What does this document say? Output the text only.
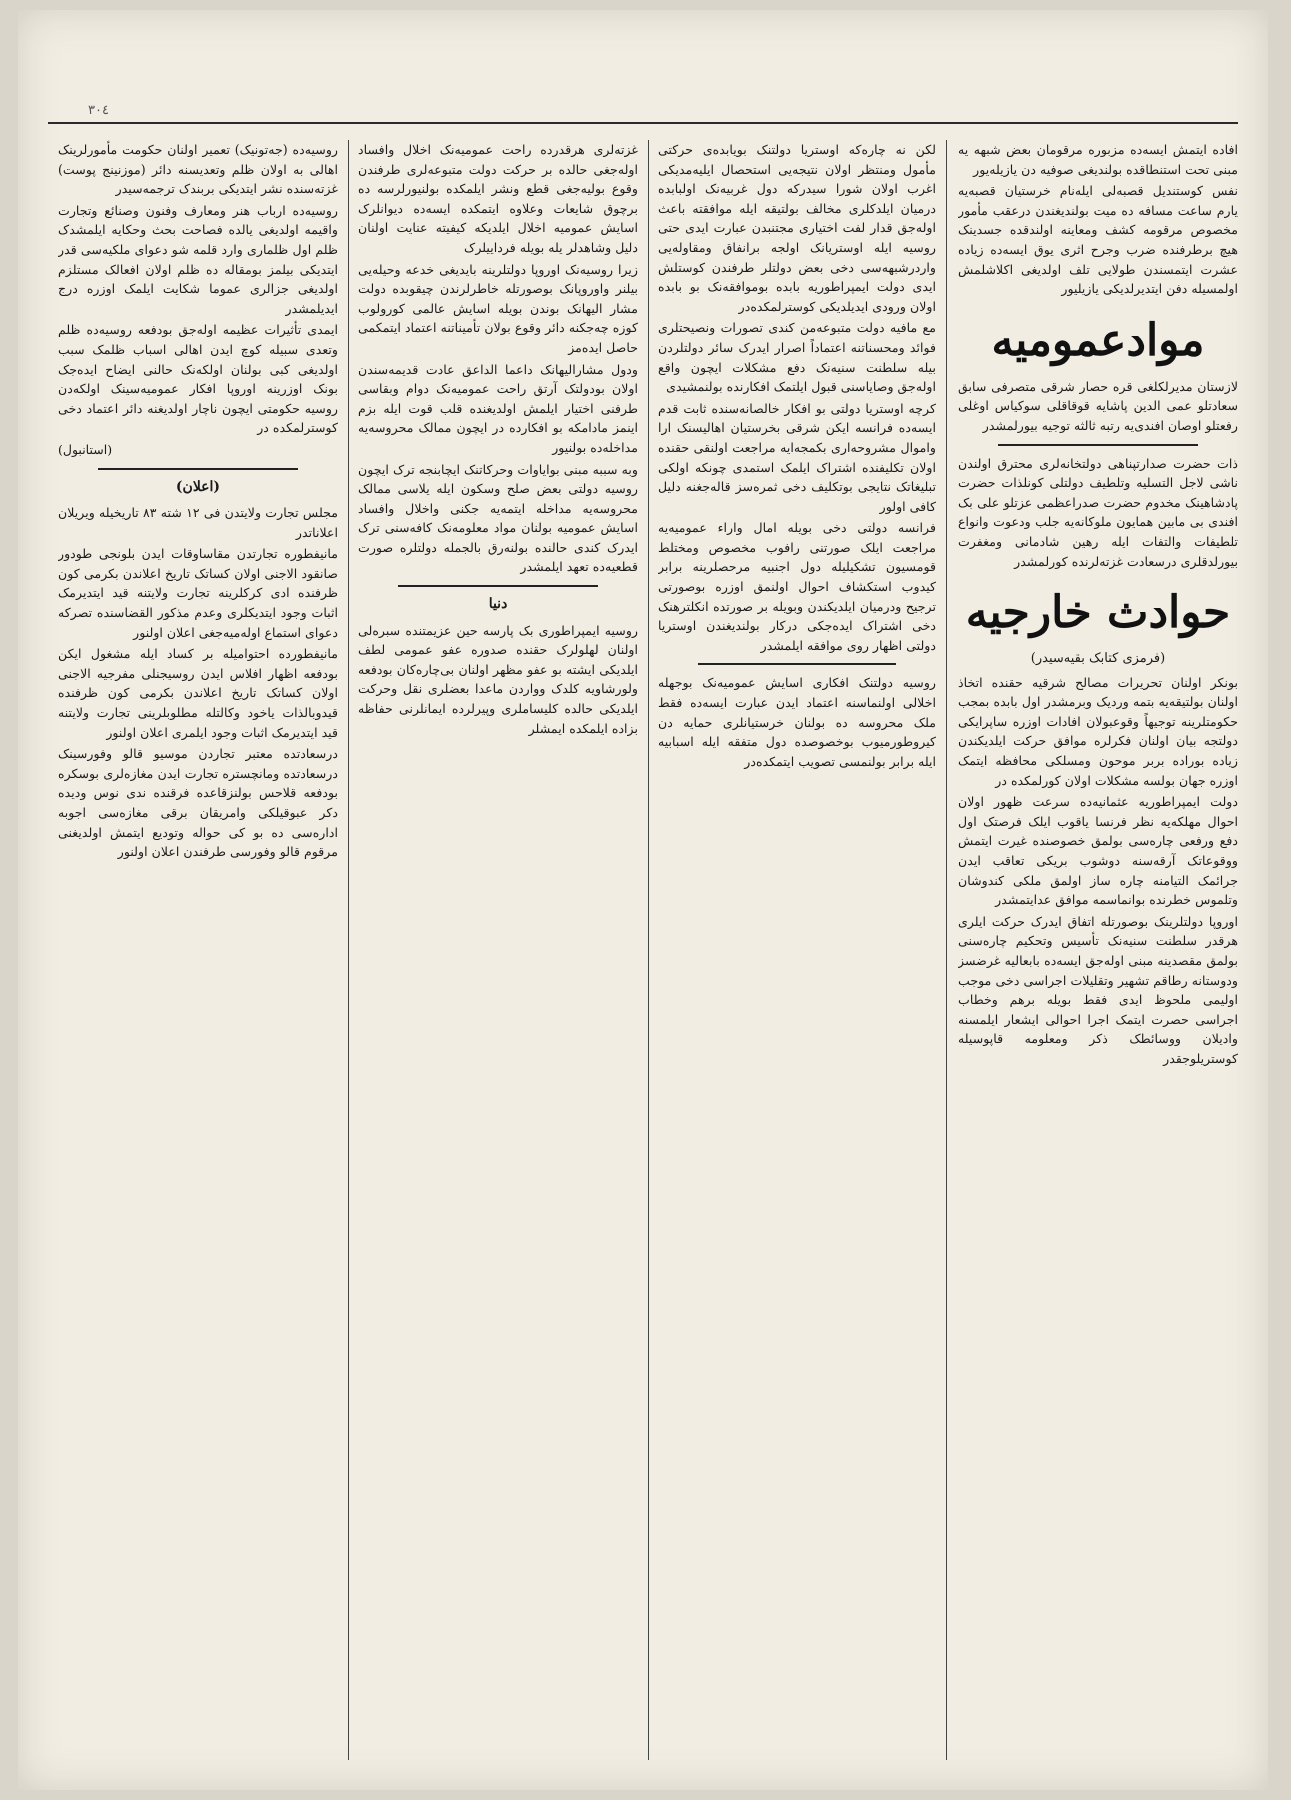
٣٠٤

افاده ایتمش ایسه‌ده مزبوره مرقومان بعض شبهه یه مبنی تحت استنطاقده بولندیغی صوفیه دن یازیله‌یور

نفس کوستندیل قصبه‌لی ایله‌نام خرستیان قصبه‌یه یارم ساعت مسافه ده میت بولندیغندن درعقب مأمور مخصوص مرقومه کشف ومعاینه اولندقده جسدینک هیچ برطرفنده ضرب وجرح اثری یوق ایسه‌ده زیاده عشرت ایتمسندن طولایی تلف اولدیغی اکلاشلمش اولمسیله دفن ایتدیرلدیکی یازیلیور

موادعمومیه

لازستان مدیرلکلغی قره حصار شرقی متصرفی سابق سعادتلو عمی الدین پاشایه قوقاقلی سوکیاس اوغلی رفعتلو اوصان افندی‌یه رتبه ثالثه توجیه بیورلمشدر

ذات حضرت صدارتپناهی دولتخانه‌لری محترق اولندن ناشی لاجل التسلیه وتلطیف دولتلی کونلذات حضرت پادشاهینک مخدوم حضرت صدراعظمی عزتلو علی بک افندی بی مابین همایون ملوکانه‌یه جلب ودعوت وانواع تلطیفات والتفات ایله رهین شادمانی ومغفرت بیورلدقلری درسعادت غزته‌لرنده کورلمشدر

حوادث خارجیه
(فرمزی کتابک بقیه‌سیدر)

بونکر اولنان تحریرات مصالح شرقیه حقنده اتخاذ اولنان بولتیقه‌یه بتمه وردیک وبرمشدر اول بابده بمجب حکومتلرینه توجیهاً وقوعبولان افادات اوزره ساپرایکی دولتجه بیان اولنان فکرلره موافق حرکت ایلدیکندن زیاده بوراده بربر موحون ومسلکی محافظه ایتمک اوزره جهان بولسه مشکلات اولان کورلمکده در

دولت ایمپراطوریه عثمانیه‌ده سرعت ظهور اولان احوال مهلکه‌یه نظر فرنسا یاقوب ایلک فرصتک اول دفع ورفعی چاره‌سی بولمق خصوصنده غیرت ایتمش ووقوعاتک آرقه‌سنه دوشوب بریکی تعاقب ایدن جرائمک التیامنه چاره ساز اولمق ملکی کندوشان وتلموس خطرنده بوانماسمه موافق عدایتمشدر

اوروپا دولتلرینک بوصورتله اتفاق ایدرک حرکت ایلری هرقدر سلطنت سنیه‌نک تأسیس وتحکیم چاره‌سنی بولمق مقصدینه مبنی اوله‌جق ایسه‌ده بابعالیه غرضسز ودوستانه رطاقم تشهیر وتقلیلات اجراسی دخی موجب اولیمی ملحوظ ایدی فقط بویله برهم وخطاب اجراسی حصرت ایتمک اجرا احوالی ایشعار ایلمسنه وادیلان ووسائطک ذکر ومعلومه قاپوسیله کوستریلوجقدر

لکن نه چاره‌که اوستریا دولتنک بویابده‌ی حرکتی مأمول ومنتظر اولان نتیجه‌یی استحصال ایلیه‌مدیکی اغرب اولان شورا سیدرکه دول غربیه‌نک اولبابده درمیان ایلدکلری مخالف بولتیقه ایله موافقته باعث اوله‌جق قدار لفت اختیاری مجتنبدن عبارت ایدی حتی روسیه ایله اوستریانک اولجه برانفاق ومقاوله‌یی واردرشبهه‌سی دخی بعض دولتلر طرفندن کوستلش ایدی دولت ایمپراطوریه بابده بوموافقه‌نک بو بابده اولان ورودی ایدیلدیکی کوسترلمکده‌در

مع مافیه دولت متبوعه‌من کندی تصورات ونصیحتلری فوائد ومحسناتنه اعتماداً اصرار ایدرک سائر دولتلردن بیله سلطنت سنیه‌نک دفع مشکلات ایچون واقع اوله‌جق وصایاسنی قبول ایلتمک افکارنده بولنمشیدی

کرچه اوستریا دولتی بو افکار خالصانه‌سنده ثابت قدم ایسه‌ده فرانسه ایکن شرقی بخرستیان اهالیسنک ارا واموال مشروحه‌اری بکمجه‌ایه مراجعت اولنقی حقنده اولان تکلیفنده اشتراک ایلمک استمدی چونکه اولکی تبلیغاتک نتایجی بوتکلیف دخی ثمره‌سز قاله‌جغنه دلیل کافی اولور

فرانسه دولتی دخی بویله امال واراء عمومیه‌یه مراجعت ایلک صورتنی رافوب مخصوص ومختلط قومسیون تشکیلیله دول اجنبیه مرحصلرینه برابر کیدوب استکشاف احوال اولنمق اوزره بوصورتی ترجیح ودرمیان ایلدیکندن وبویله بر صورتده انکلترهنک دخی اشتراک ایده‌جکی درکار بولندیغندن اوستریا دولتی اظهار روی موافقه ایلمشدر

روسیه دولتنک افکاری اسایش عمومیه‌نک بوجهله اخلالی اولنماسنه اعتماد ایدن عبارت ایسه‌ده فقط ملک محروسه ده بولنان خرستیانلری حمایه دن کیروطورمیوب بوخصوصده دول متفقه ایله اسبابیه ایله برابر بولنمسی تصویب ایتمکده‌در

غزته‌لری هرقدرده راحت عمومیه‌نک اخلال وافساد اوله‌جغی حالده بر حرکت دولت متبوعه‌لری طرفندن وقوع بولیه‌جغی قطع ونشر ایلمکده بولنیورلرسه ده برچوق شایعات وعلاوه ایتمکده ایسه‌ده دیوانلرک اسایش عمومیه اخلال ایلدیکه کیفیته عنایت اولنان دلیل وشاهدلر یله بویله فرداییلرک

زیرا روسیه‌نک اوروپا دولتلرینه بایدیغی خدعه وحیله‌یی بیلنر واوروپانک بوصورتله خاطرلرندن چیقوبده دولت مشار الیهانک بوندن بویله اسایش عالمی کورولوب کوزه چه‌جکنه دائر وقوع بولان تأمیناتنه اعتماد ایتمکمی حاصل ایده‌مز

ودول مشارالیهانک داعما الداعق عادت قدیمه‌سندن اولان بودولتک آرتق راحت عمومیه‌نک دوام وبقاسی طرفنی اختیار ایلمش اولدیغنده قلب قوت ایله بزم اینمز مادامکه بو افکارده در ایچون ممالک محروسه‌یه مداخله‌ده بولنیور

وبه سببه مبنی بوایاوات وحرکاتنک ایچابنجه ترک ایچون روسیه دولتی بعض صلح وسکون ایله یلاسی ممالک محروسه‌یه مداخله ایتمه‌یه جکنی واخلال وافساد اسایش عمومیه بولنان مواد معلومه‌نک کافه‌سنی ترک ایدرک کندی حالنده بولنه‌رق بالجمله دولتلره صورت قطعیه‌ده تعهد ایلمشدر

دنیا

روسیه ایمپراطوری بک پارسه حین عزیمتنده سبره‌لی اولنان لهلولرک حقنده صدوره عفو عمومی لطف ایلدیکی ایشته بو عفو مظهر اولنان بی‌چاره‌کان بودفعه ولورشاویه کلدک وواردن ماعدا بعضلری نقل وحرکت ایلدیکی حالده کلیساملری وپیرلرده ایمانلرنی حفاظه بزاده ایلمکده ایمشلر

روسیه‌ده (جه‌تونیک) تعمیر اولنان حکومت مأمورلرینک اهالی به اولان ظلم وتعدیسنه دائر (موزنینج پوست) غزته‌سنده نشر ایتدیکی بربندک ترجمه‌سیدر

روسیه‌ده ارباب هنر ومعارف وفنون وصنائع وتجارت واقیمه اولدیغی یالده فصاحت بحث وحکایه ایلمشدک ظلم اول ظلماری وارد قلمه شو دعوای ملکیه‌سی قدر ایتدیکی بیلمز بومقاله ده ظلم اولان افعالک مستلزم اولدیغی جزالری عموما شکایت ایلمک اوزره درج ایدیلمشدر

ایمدی تأثیرات عظیمه اوله‌جق بودفعه روسیه‌ده ظلم وتعدی سبیله کوچ ایدن اهالی اسباب ظلمک سبب اولدیغی کبی بولنان اولکه‌نک حالنی ایضاح ایده‌جک بونک اوزرینه اوروپا افکار عمومیه‌سینک اولکه‌دن روسیه حکومتی ایچون ناچار اولدیغنه دائر اعتماد دخی کوسترلمکده در

(استانبول)
(اعلان)

مجلس تجارت ولایتدن فی ١٢ شته ٨٣ تاریخیله ویریلان اعلاناتدر

مانیفطوره تجارتدن مقاساوقات ایدن بلونجی طودور صانقود الاجنی اولان کساتک تاریخ اعلاندن بکرمی کون ظرفنده ادی کرکلرینه تجارت ولایتنه قید ایتدیرمک اثبات وجود ایتدیکلری وعدم مذکور القضاسنده تصرکه دعوای استماع اوله‌میه‌جغی اعلان اولنور

مانیفطورده احتوامیله بر کساد ایله مشغول ایکن بودفعه اظهار افلاس ایدن روسیجنلی مفرجیه الاجنی اولان کساتک تاریخ اعلاندن بکرمی کون ظرفنده قیدوبالذات یاخود وکالتله مطلوبلرینی تجارت ولایتنه قید ایتدیرمک اثبات وجود ایلمری اعلان اولنور

درسعادتده معتبر تجاردن موسیو قالو وفورسینک درسعادتده ومانچستره تجارت ایدن مغازه‌لری بوسکره بودفعه قلاحس بولنزقاعده فرقنده ندی نوس ودیده دکر عبوقیلکی وامریقان برقی مغازه‌سی اجوبه اداره‌سی ده بو کی حواله وتودیع ایتمش اولدیغنی مرقوم قالو وفورسی طرفندن اعلان اولنور
